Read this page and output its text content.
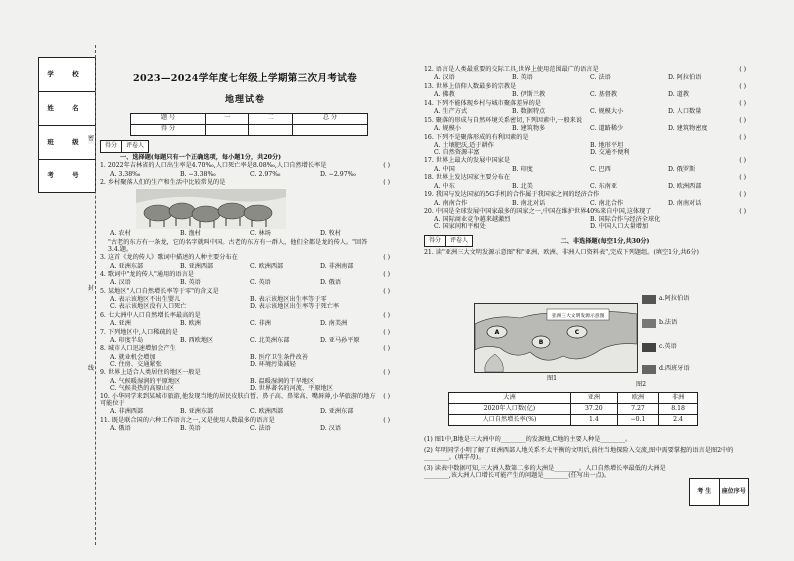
学 校
姓 名
班 级
考 号
密
封
线
2023—2024学年度七年级上学期第三次月考试卷
地理试卷
题 号	一	二	总 分
得 分			
得分	评卷人
一、选择题(每题只有一个正确选项，每小题1分，共20分)
1. 2022年吉林省的人口出生率是4.70‰,人口死亡率是8.08‰,人口自然增长率是	( )
A. 3.38‰	B. −3.38‰	C. 2.97‰	D. −2.97‰
2. 乡村聚落人们的生产和生活中比较常见的是	( )
A. 农村	B. 渔村	C. 林场	D. 牧村
"古老的东方有一条龙，它的名字就叫中国。古老的东方有一群人，他们全都是龙的传人。"回答3.4.题。
3. 这首《龙的传人》歌词中描述的人种主要分布在	( )
A. 亚洲东部	B. 亚洲西部	C. 欧洲西部	D. 非洲南部
4. 歌词中"龙的传人"通用的语言是	( )
A. 汉语	B. 英语	C. 英语	D. 俄语
5. 某地区"人口自然增长率等于零"的含义是	( )
A. 表示该地区不出生婴儿	B. 表示该地区出生率等于零
C. 表示该地区没有人口死亡	D. 表示该地区出生率等于死亡率
6. 七大洲中人口自然增长率最高的是	( )
A. 亚洲	B. 欧洲	C. 非洲	D. 南美洲
7. 下列地区中,人口稀疏的是	( )
A. 印度半岛	B. 西欧地区	C. 北美洲东部	D. 亚马孙平原
8. 城市人口迅速增加会产生	( )
A. 就业机会增加	B. 医疗卫生条件改善
C. 住房、交通紧张	D. 环境污染减轻
9. 世界上适合人类居住的地区一般是	( )
A. 气候暖湿润的平原地区	B. 温暖湿润的干旱地区
C. 气候炎热的高原山区	D. 世界著名的河流、平原地区
10. 小华同学来到某城市旅游,他发现当地的居民皮肤白皙、鼻子高、鼻梁高、嘴唇薄,小华旅游的地方可能位于
( )
A. 非洲西部	B. 亚洲东部	C. 欧洲西部	D. 亚洲东部
11. 既是联合国的六种工作语言之一,又是使用人数最多的语言是	( )
A. 俄语	B. 英语	C. 法语	D. 汉语
12. 语言是人类最重要的交际工具,世界上使用范围最广的语言是	( )
A. 汉语	B. 英语	C. 法语	D. 阿拉伯语
13. 世界上信仰人数最多的宗教是	( )
A. 佛教	B. 伊斯兰教	C. 基督教	D. 道教
14. 下列不能体现乡村与城市聚落差异的是	( )
A. 生产方式	B. 数据特点	C. 规模大小	D. 人口数量
15. 聚落的形成与自然环境关系密切,下列因素中,一般来说	( )
A. 规模小	B. 建筑物多	C. 道路稀少	D. 建筑物密度
16. 下列不是聚落形成的有利因素的是	( )
A. 土壤肥沃,适于耕作	B. 地形平坦
C. 自然资源丰富	D. 交通不便利
17. 世界上最大的发展中国家是	( )
A. 中国	B. 印度	C. 巴西	D. 俄罗斯
18. 世界上发达国家主要分布在	( )
A. 中东	B. 北美	C. 东南亚	D. 欧洲西部
19. 我国与发达国家的5G手机的合作属于我国家之间的经济合作	( )
A. 南南合作	B. 南北对话	C. 南北合作	D. 南南对话
20. 中国是全球发展中国家最多的国家之一,中国在维护世界40%来自中国,这体现了	( )
A. 国际商业竞争越来越激烈	B. 国际合作与经济全球化
C. 国家间和平相处	D. 中国人口大量增加
得分	评卷人	二、非选择题(每空1分,共30分)
21. 读"亚洲三大文明发源示意图"和"亚洲、欧洲、非洲人口资料表",完成下列题组。(填空1分,共6分)
亚洲三大文明发源示意图
A
B
C
图1
a.阿拉伯语
b.法语
c.英语
d.西班牙语
图2
大洲	亚洲	欧洲	非洲
2020年人口数(亿)	37.20	7.27	8.18
人口自然增长率(%)	1.4	−0.1	2.4
(1) 图1中,B地是三大洲中的________的发源地,C地的主要人种是________。
(2) 年明同学小明了解了亚洲西部人地关系不太平衡的文明后,前往当地探险入交流,图中需要掌握的语言是图2中的________。(填字母)。
(3) 读表中数据可知,三大洲人数第二多的大洲是________。人口自然增长率最低的大洲是________,该大洲人口增长可能产生的问题是________(任写出一点)。
考 生	座位序号
